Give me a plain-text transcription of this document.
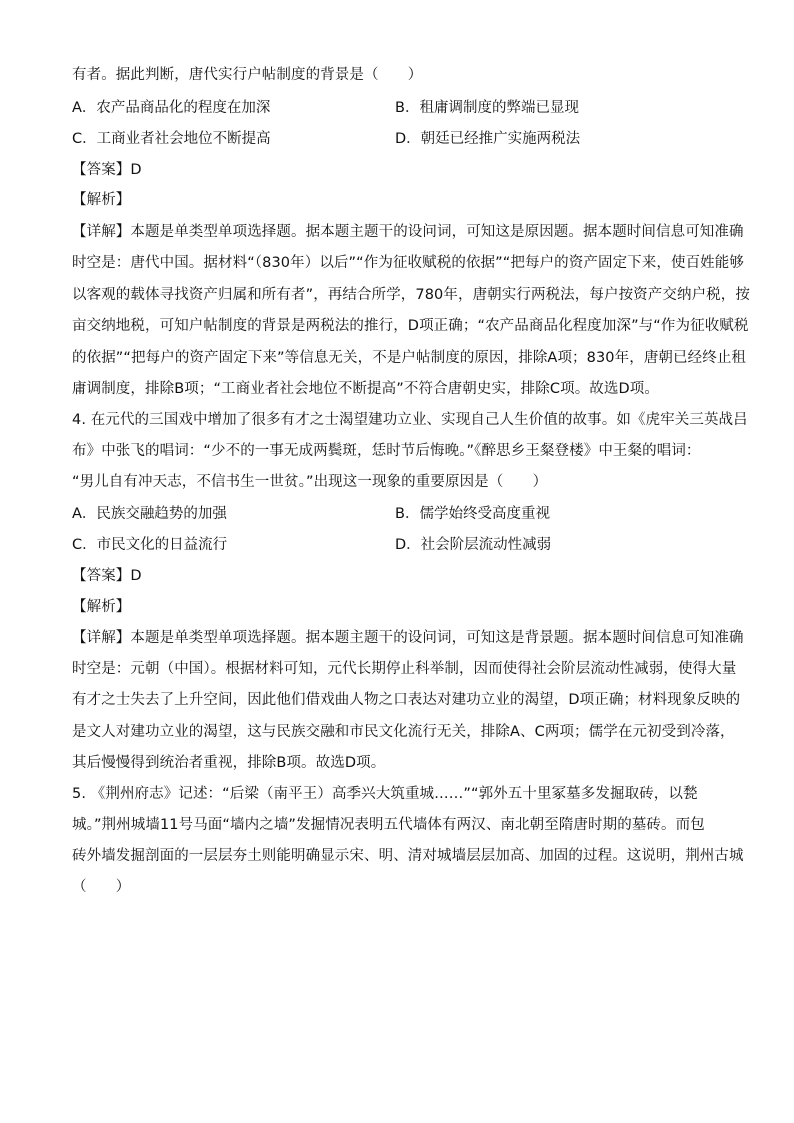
有者。据此判断，唐代实行户帖制度的背景是（　　）
A．农产品商品化的程度在加深	B．租庸调制度的弊端已显现
C．工商业者社会地位不断提高	D．朝廷已经推广实施两税法
【答案】D
【解析】
【详解】本题是单类型单项选择题。据本题主题干的设问词，可知这是原因题。据本题时间信息可知准确
时空是：唐代中国。据材料“（830年）以后”“作为征收赋税的依据”“把每户的资产固定下来，使百姓能够
以客观的载体寻找资产归属和所有者”，再结合所学，780年，唐朝实行两税法，每户按资产交纳户税，按
亩交纳地税，可知户帖制度的背景是两税法的推行，D项正确；“农产品商品化程度加深”与“作为征收赋税
的依据”“把每户的资产固定下来”等信息无关，不是户帖制度的原因，排除A项；830年，唐朝已经终止租
庸调制度，排除B项；“工商业者社会地位不断提高”不符合唐朝史实，排除C项。故选D项。
4. 在元代的三国戏中增加了很多有才之士渴望建功立业、实现自己人生价值的故事。如《虎牢关三英战吕
布》中张飞的唱词：“少不的一事无成两鬓斑，恁时节后悔晚。”《醉思乡王粲登楼》中王粲的唱词：
“男儿自有冲天志，不信书生一世贫。”出现这一现象的重要原因是（　　）
A．民族交融趋势的加强	B．儒学始终受高度重视
C．市民文化的日益流行	D．社会阶层流动性减弱
【答案】D
【解析】
【详解】本题是单类型单项选择题。据本题主题干的设问词，可知这是背景题。据本题时间信息可知准确
时空是：元朝（中国）。根据材料可知，元代长期停止科举制，因而使得社会阶层流动性减弱，使得大量
有才之士失去了上升空间，因此他们借戏曲人物之口表达对建功立业的渴望，D项正确；材料现象反映的
是文人对建功立业的渴望，这与民族交融和市民文化流行无关，排除A、C两项；儒学在元初受到冷落，
其后慢慢得到统治者重视，排除B项。故选D项。
5. 《荆州府志》记述：“后梁（南平王）高季兴大筑重城……”“郭外五十里冢墓多发掘取砖，以甃
城。”荆州城墙11号马面“墙内之墙”发掘情况表明五代墙体有两汉、南北朝至隋唐时期的墓砖。而包
砖外墙发掘剖面的一层层夯土则能明确显示宋、明、清对城墙层层加高、加固的过程。这说明，荆州古城
（　　）
